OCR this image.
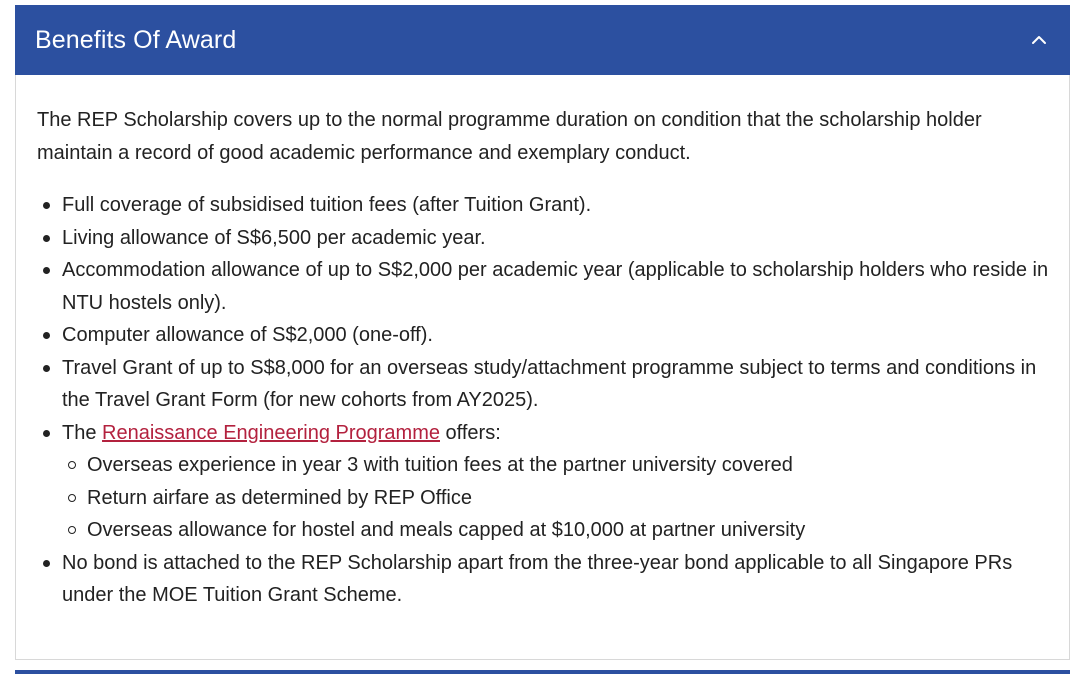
Benefits Of Award

The REP Scholarship covers up to the normal programme duration on condition that the scholarship holder maintain a record of good academic performance and exemplary conduct.

Full coverage of subsidised tuition fees (after Tuition Grant).
Living allowance of S$6,500 per academic year.
Accommodation allowance of up to S$2,000 per academic year (applicable to scholarship holders who reside in NTU hostels only).
Computer allowance of S$2,000 (one-off).
Travel Grant of up to S$8,000 for an overseas study/attachment programme subject to terms and conditions in the Travel Grant Form (for new cohorts from AY2025).
The Renaissance Engineering Programme offers:
Overseas experience in year 3 with tuition fees at the partner university covered
Return airfare as determined by REP Office
Overseas allowance for hostel and meals capped at $10,000 at partner university
No bond is attached to the REP Scholarship apart from the three-year bond applicable to all Singapore PRs under the MOE Tuition Grant Scheme.
